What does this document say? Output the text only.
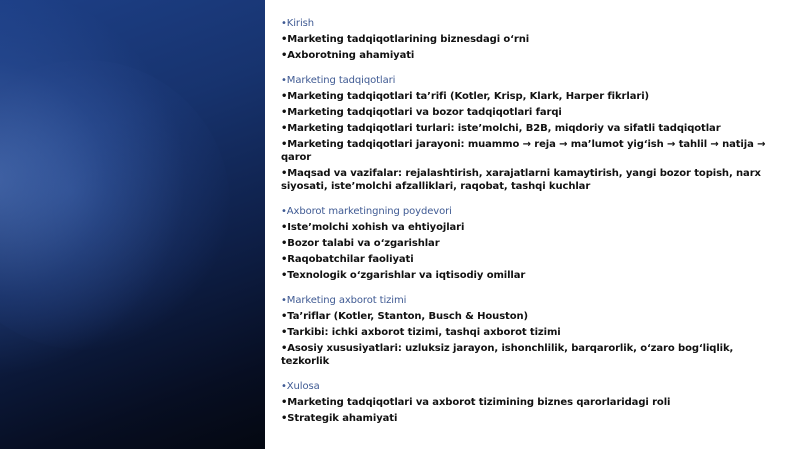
•Kirish
•Marketing tadqiqotlarining biznesdagi o‘rni
•Axborotning ahamiyati
•Marketing tadqiqotlari
•Marketing tadqiqotlari ta’rifi (Kotler, Krisp, Klark, Harper fikrlari)
•Marketing tadqiqotlari va bozor tadqiqotlari farqi
•Marketing tadqiqotlari turlari: iste’molchi, B2B, miqdoriy va sifatli tadqiqotlar
•Marketing tadqiqotlari jarayoni: muammo → reja → ma’lumot yig‘ish → tahlil → natija → qaror
•Maqsad va vazifalar: rejalashtirish, xarajatlarni kamaytirish, yangi bozor topish, narx siyosati, iste’molchi afzalliklari, raqobat, tashqi kuchlar
•Axborot marketingning poydevori
•Iste’molchi xohish va ehtiyojlari
•Bozor talabi va o‘zgarishlar
•Raqobatchilar faoliyati
•Texnologik o‘zgarishlar va iqtisodiy omillar
•Marketing axborot tizimi
•Ta’riflar (Kotler, Stanton, Busch & Houston)
•Tarkibi: ichki axborot tizimi, tashqi axborot tizimi
•Asosiy xususiyatlari: uzluksiz jarayon, ishonchlilik, barqarorlik, o‘zaro bog‘liqlik, tezkorlik
•Xulosa
•Marketing tadqiqotlari va axborot tizimining biznes qarorlaridagi roli
•Strategik ahamiyati
